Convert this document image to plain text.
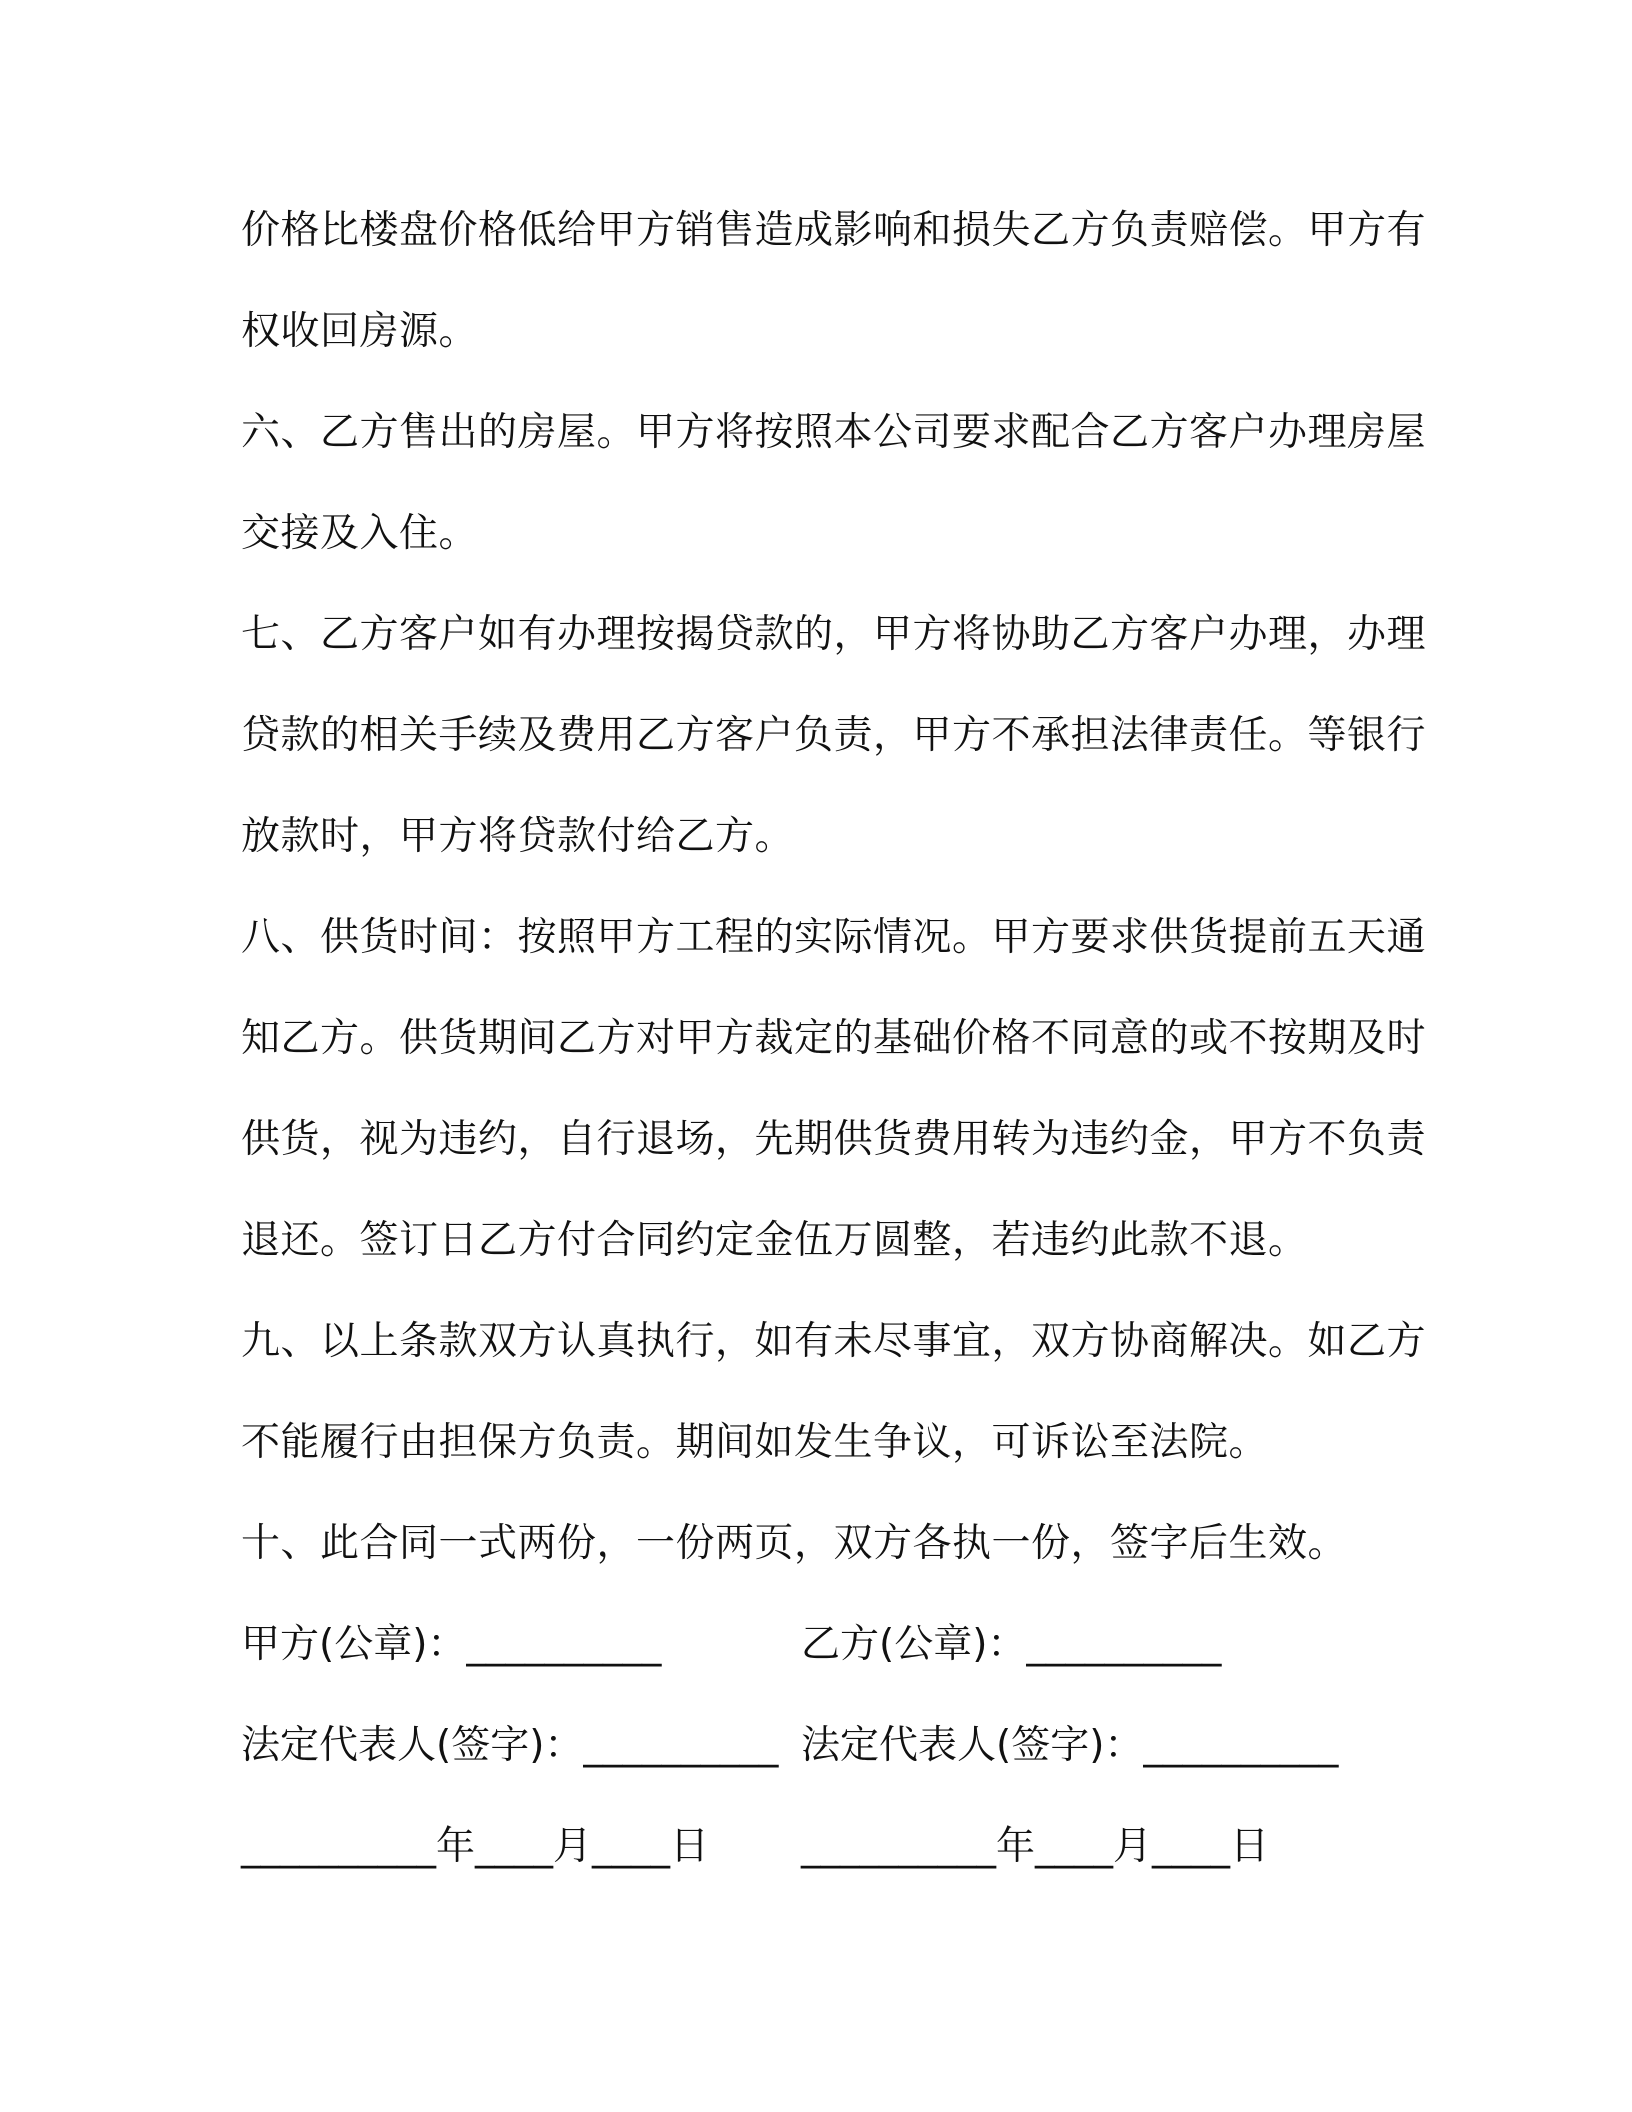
价格比楼盘价格低给甲方销售造成影响和损失乙方负责赔偿。甲方有
权收回房源。
六、乙方售出的房屋。甲方将按照本公司要求配合乙方客户办理房屋
交接及入住。
七、乙方客户如有办理按揭贷款的，甲方将协助乙方客户办理，办理
贷款的相关手续及费用乙方客户负责，甲方不承担法律责任。等银行
放款时，甲方将贷款付给乙方。
八、供货时间：按照甲方工程的实际情况。甲方要求供货提前五天通
知乙方。供货期间乙方对甲方裁定的基础价格不同意的或不按期及时
供货，视为违约，自行退场，先期供货费用转为违约金，甲方不负责
退还。签订日乙方付合同约定金伍万圆整，若违约此款不退。
九、以上条款双方认真执行，如有未尽事宜，双方协商解决。如乙方
不能履行由担保方负责。期间如发生争议，可诉讼至法院。
十、此合同一式两份，一份两页，双方各执一份，签字后生效。
甲方(公章)：__________	乙方(公章)：__________
法定代表人(签字)：__________ 法定代表人(签字)：__________
__________年____月____日 __________年____月____日
